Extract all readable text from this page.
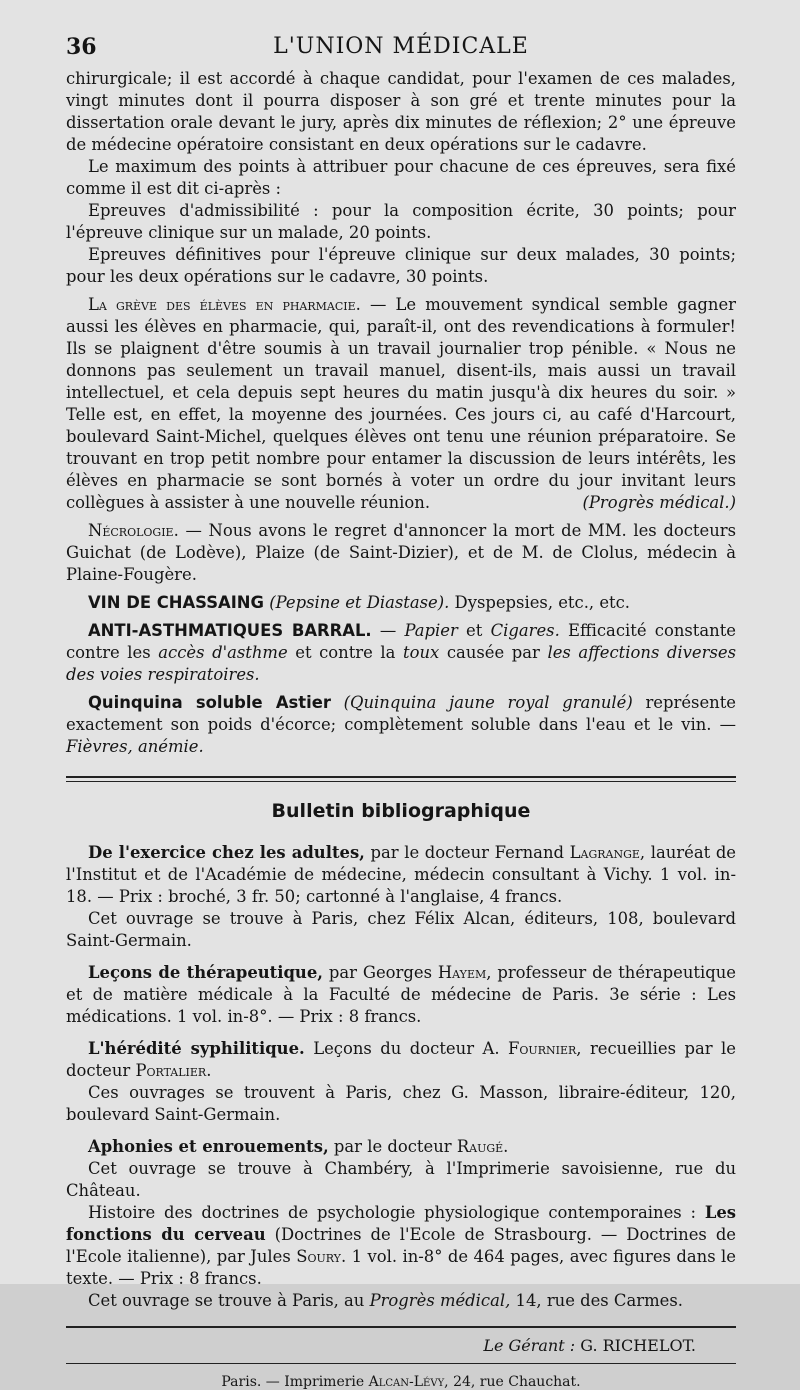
36	L'UNION MÉDICALE

chirurgicale; il est accordé à chaque candidat, pour l'examen de ces malades, vingt minutes dont il pourra disposer à son gré et trente minutes pour la dissertation orale devant le jury, après dix minutes de réflexion; 2° une épreuve de médecine opératoire consistant en deux opérations sur le cadavre.

Le maximum des points à attribuer pour chacune de ces épreuves, sera fixé comme il est dit ci-après :

Epreuves d'admissibilité : pour la composition écrite, 30 points; pour l'épreuve clinique sur un malade, 20 points.

Epreuves définitives pour l'épreuve clinique sur deux malades, 30 points; pour les deux opérations sur le cadavre, 30 points.

La grève des élèves en pharmacie. — Le mouvement syndical semble gagner aussi les élèves en pharmacie, qui, paraît-il, ont des revendications à formuler! Ils se plaignent d'être soumis à un travail journalier trop pénible. « Nous ne donnons pas seulement un travail manuel, disent-ils, mais aussi un travail intellectuel, et cela depuis sept heures du matin jusqu'à dix heures du soir. » Telle est, en effet, la moyenne des journées. Ces jours ci, au café d'Harcourt, boulevard Saint-Michel, quelques élèves ont tenu une réunion préparatoire. Se trouvant en trop petit nombre pour entamer la discussion de leurs intérêts, les élèves en pharmacie se sont bornés à voter un ordre du jour invitant leurs collègues à assister à une nouvelle réunion.	(Progrès médical.)

Nécrologie. — Nous avons le regret d'annoncer la mort de MM. les docteurs Guichat (de Lodève), Plaize (de Saint-Dizier), et de M. de Clolus, médecin à Plaine-Fougère.

VIN DE CHASSAING (Pepsine et Diastase). Dyspepsies, etc., etc.

ANTI-ASTHMATIQUES BARRAL. — Papier et Cigares. Efficacité constante contre les accès d'asthme et contre la toux causée par les affections diverses des voies respiratoires.

Quinquina soluble Astier (Quinquina jaune royal granulé) représente exactement son poids d'écorce; complètement soluble dans l'eau et le vin. — Fièvres, anémie.

Bulletin bibliographique

De l'exercice chez les adultes, par le docteur Fernand Lagrange, lauréat de l'Institut et de l'Académie de médecine, médecin consultant à Vichy. 1 vol. in-18. — Prix : broché, 3 fr. 50; cartonné à l'anglaise, 4 francs.

Cet ouvrage se trouve à Paris, chez Félix Alcan, éditeurs, 108, boulevard Saint-Germain.

Leçons de thérapeutique, par Georges Hayem, professeur de thérapeutique et de matière médicale à la Faculté de médecine de Paris. 3e série : Les médications. 1 vol. in-8°. — Prix : 8 francs.

L'hérédité syphilitique. Leçons du docteur A. Fournier, recueillies par le docteur Portalier.

Ces ouvrages se trouvent à Paris, chez G. Masson, libraire-éditeur, 120, boulevard Saint-Germain.

Aphonies et enrouements, par le docteur Raugé.

Cet ouvrage se trouve à Chambéry, à l'Imprimerie savoisienne, rue du Château.

Histoire des doctrines de psychologie physiologique contemporaines : Les fonctions du cerveau (Doctrines de l'Ecole de Strasbourg. — Doctrines de l'Ecole italienne), par Jules Soury. 1 vol. in-8° de 464 pages, avec figures dans le texte. — Prix : 8 francs.

Cet ouvrage se trouve à Paris, au Progrès médical, 14, rue des Carmes.

Le Gérant : G. RICHELOT.
Paris. — Imprimerie Alcan-Lévy, 24, rue Chauchat.
